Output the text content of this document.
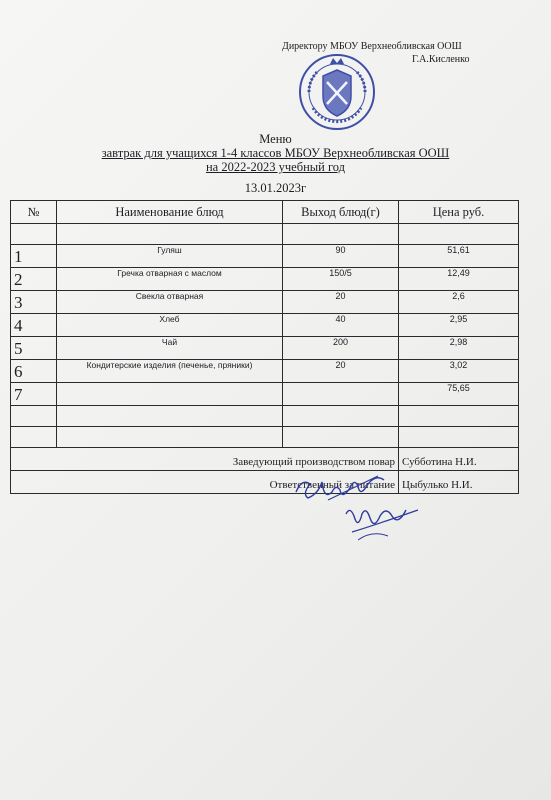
Директору МБОУ Верхнеобливская ООШ
Г.А.Кисленко
Меню
завтрак для учащихся 1-4 классов МБОУ Верхнеобливская ООШ
на 2022-2023 учебный год
13.01.2023г
№	Наименование блюд	Выход блюд(г)	Цена руб.

1	Гуляш	90	51,61
2	Гречка отварная с маслом	150/5	12,49
3	Свекла отварная	20	2,6
4	Хлеб	40	2,95
5	Чай	200	2,98
6	Кондитерские изделия (печенье, пряники)	20	3,02
7			75,65

Заведующий производством повар			Субботина Н.И.
Ответственный за питание			Цыбулько Н.И.
